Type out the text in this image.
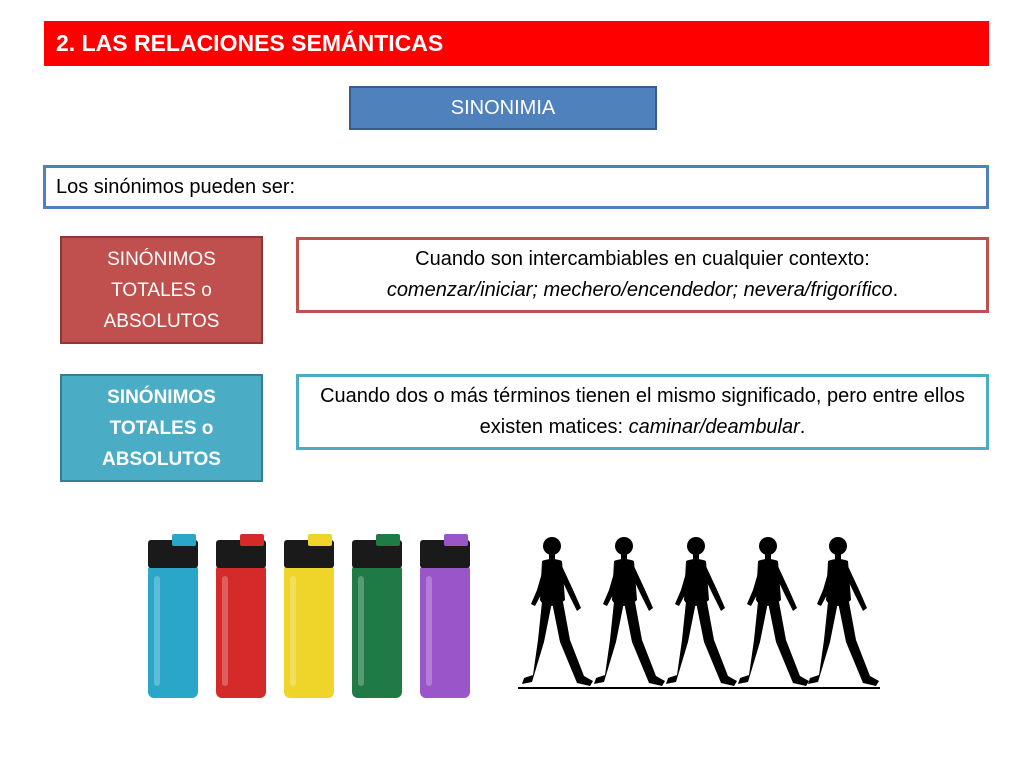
2. LAS RELACIONES SEMÁNTICAS
SINONIMIA
Los sinónimos pueden ser:
SINÓNIMOS
TOTALES o
ABSOLUTOS
Cuando son intercambiables en cualquier contexto:
comenzar/iniciar; mechero/encendedor; nevera/frigorífico.
SINÓNIMOS
TOTALES o
ABSOLUTOS
Cuando dos o más términos tienen el mismo significado, pero entre ellos existen matices: caminar/deambular.
